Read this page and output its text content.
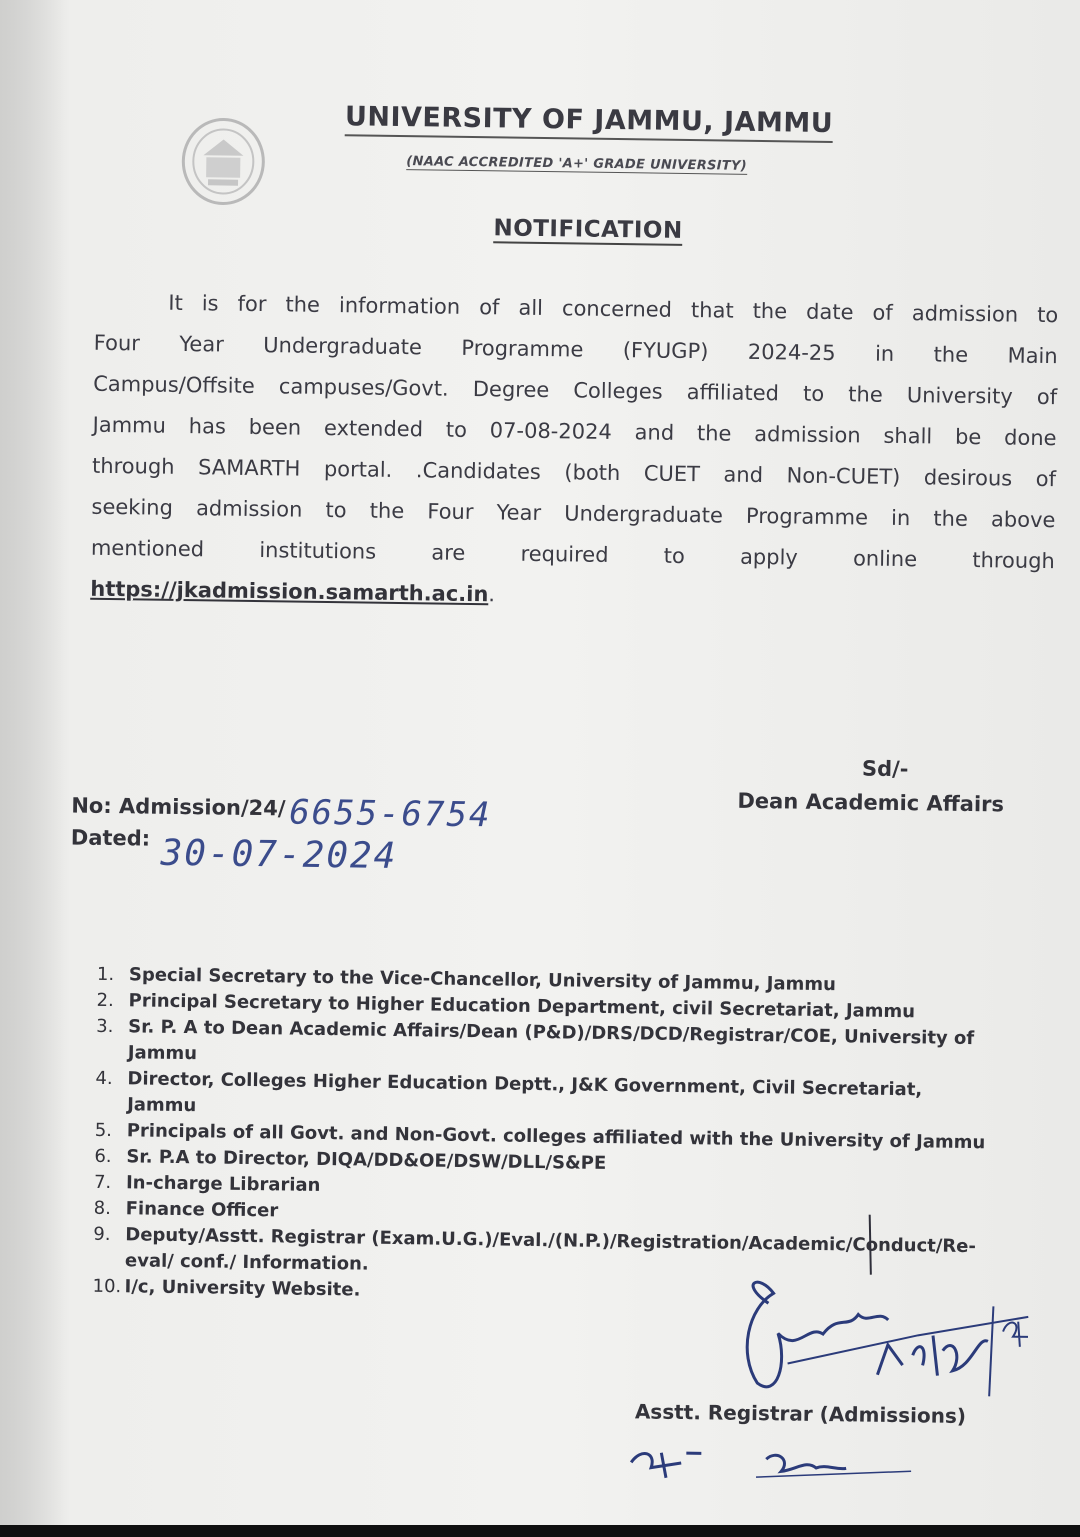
UNIVERSITY OF JAMMU, JAMMU
(NAAC ACCREDITED 'A+' GRADE UNIVERSITY)
NOTIFICATION
It is for the information of all concerned that the date of admission to
Four Year Undergraduate Programme (FYUGP) 2024-25 in the Main
Campus/Offsite campuses/Govt. Degree Colleges affiliated to the University of
Jammu has been extended to 07-08-2024 and the admission shall be done
through SAMARTH portal. .Candidates (both CUET and Non-CUET) desirous of
seeking admission to the Four Year Undergraduate Programme in the above
mentioned institutions are required to apply online through
https://jkadmission.samarth.ac.in.
Sd/-
Dean Academic Affairs
No: Admission/24/ 6655-6754
Dated: 30-07-2024
1. Special Secretary to the Vice-Chancellor, University of Jammu, Jammu
2. Principal Secretary to Higher Education Department, civil Secretariat, Jammu
3. Sr. P. A to Dean Academic Affairs/Dean (P&D)/DRS/DCD/Registrar/COE, University of Jammu
4. Director, Colleges Higher Education Deptt., J&K Government, Civil Secretariat, Jammu
5. Principals of all Govt. and Non-Govt. colleges affiliated with the University of Jammu
6. Sr. P.A to Director, DIQA/DD&OE/DSW/DLL/S&PE
7. In-charge Librarian
8. Finance Officer
9. Deputy/Asstt. Registrar (Exam.U.G.)/Eval./(N.P.)/Registration/Academic/Conduct/Re-eval/ conf./ Information.
10. I/c, University Website.
Asstt. Registrar (Admissions)
